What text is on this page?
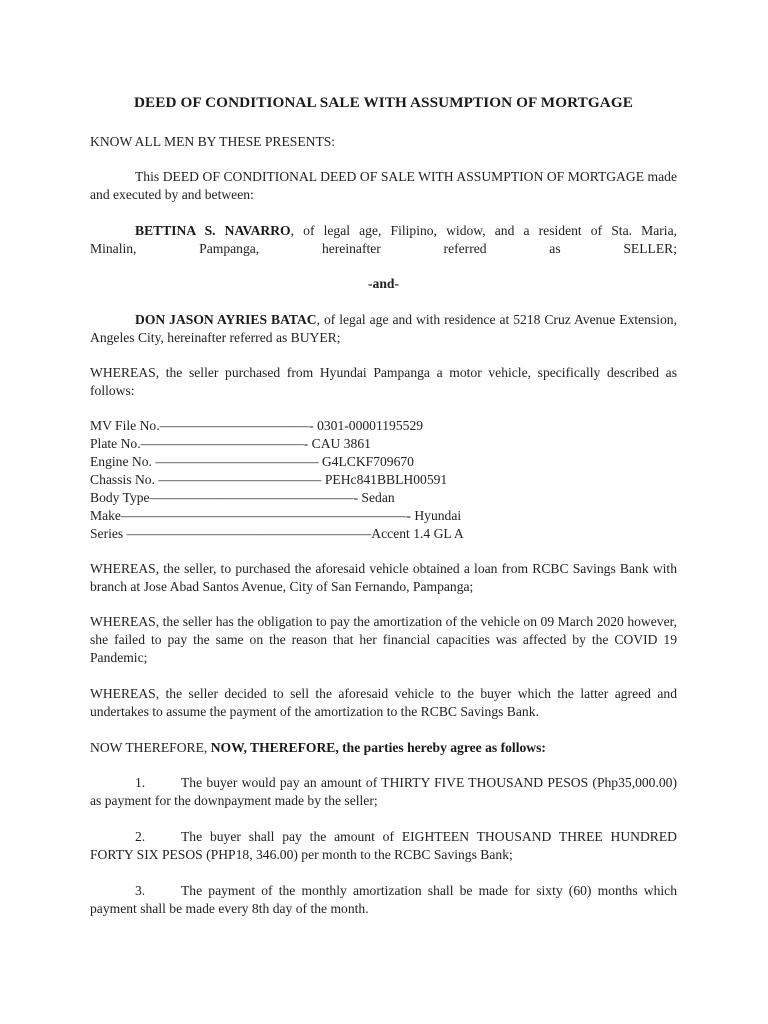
DEED OF CONDITIONAL SALE WITH ASSUMPTION OF MORTGAGE

KNOW ALL MEN BY THESE PRESENTS:

This DEED OF CONDITIONAL DEED OF SALE WITH ASSUMPTION OF MORTGAGE made and executed by and between:

BETTINA S. NAVARRO, of legal age, Filipino, widow, and a resident of Sta. Maria,
Minalin, Pampanga, hereinafter referred as SELLER;

-and-

DON JASON AYRIES BATAC, of legal age and with residence at 5218 Cruz Avenue Extension, Angeles City, hereinafter referred as BUYER;

WHEREAS, the seller purchased from Hyundai Pampanga a motor vehicle, specifically described as follows:

MV File No.———————————- 0301-00001195529
Plate No.————————————- CAU 3861
Engine No. ———————————— G4LCKF709670
Chassis No. ———————————— PEHc841BBLH00591
Body Type———————————————- Sedan
Make—————————————————————- Hyundai
Series ——————————————————Accent 1.4 GL A

WHEREAS, the seller, to purchased the aforesaid vehicle obtained a loan from RCBC Savings Bank with branch at Jose Abad Santos Avenue, City of San Fernando, Pampanga;

WHEREAS, the seller has the obligation to pay the amortization of the vehicle on 09 March 2020 however, she failed to pay the same on the reason that her financial capacities was affected by the COVID 19 Pandemic;

WHEREAS, the seller decided to sell the aforesaid vehicle to the buyer which the latter agreed and undertakes to assume the payment of the amortization to the RCBC Savings Bank.

NOW THEREFORE, NOW, THEREFORE, the parties hereby agree as follows:

1.	The buyer would pay an amount of THIRTY FIVE THOUSAND PESOS (Php35,000.00) as payment for the downpayment made by the seller;

2.	The buyer shall pay the amount of EIGHTEEN THOUSAND THREE HUNDRED FORTY SIX PESOS (PHP18, 346.00) per month to the RCBC Savings Bank;

3.	The payment of the monthly amortization shall be made for sixty (60) months which payment shall be made every 8th day of the month.
